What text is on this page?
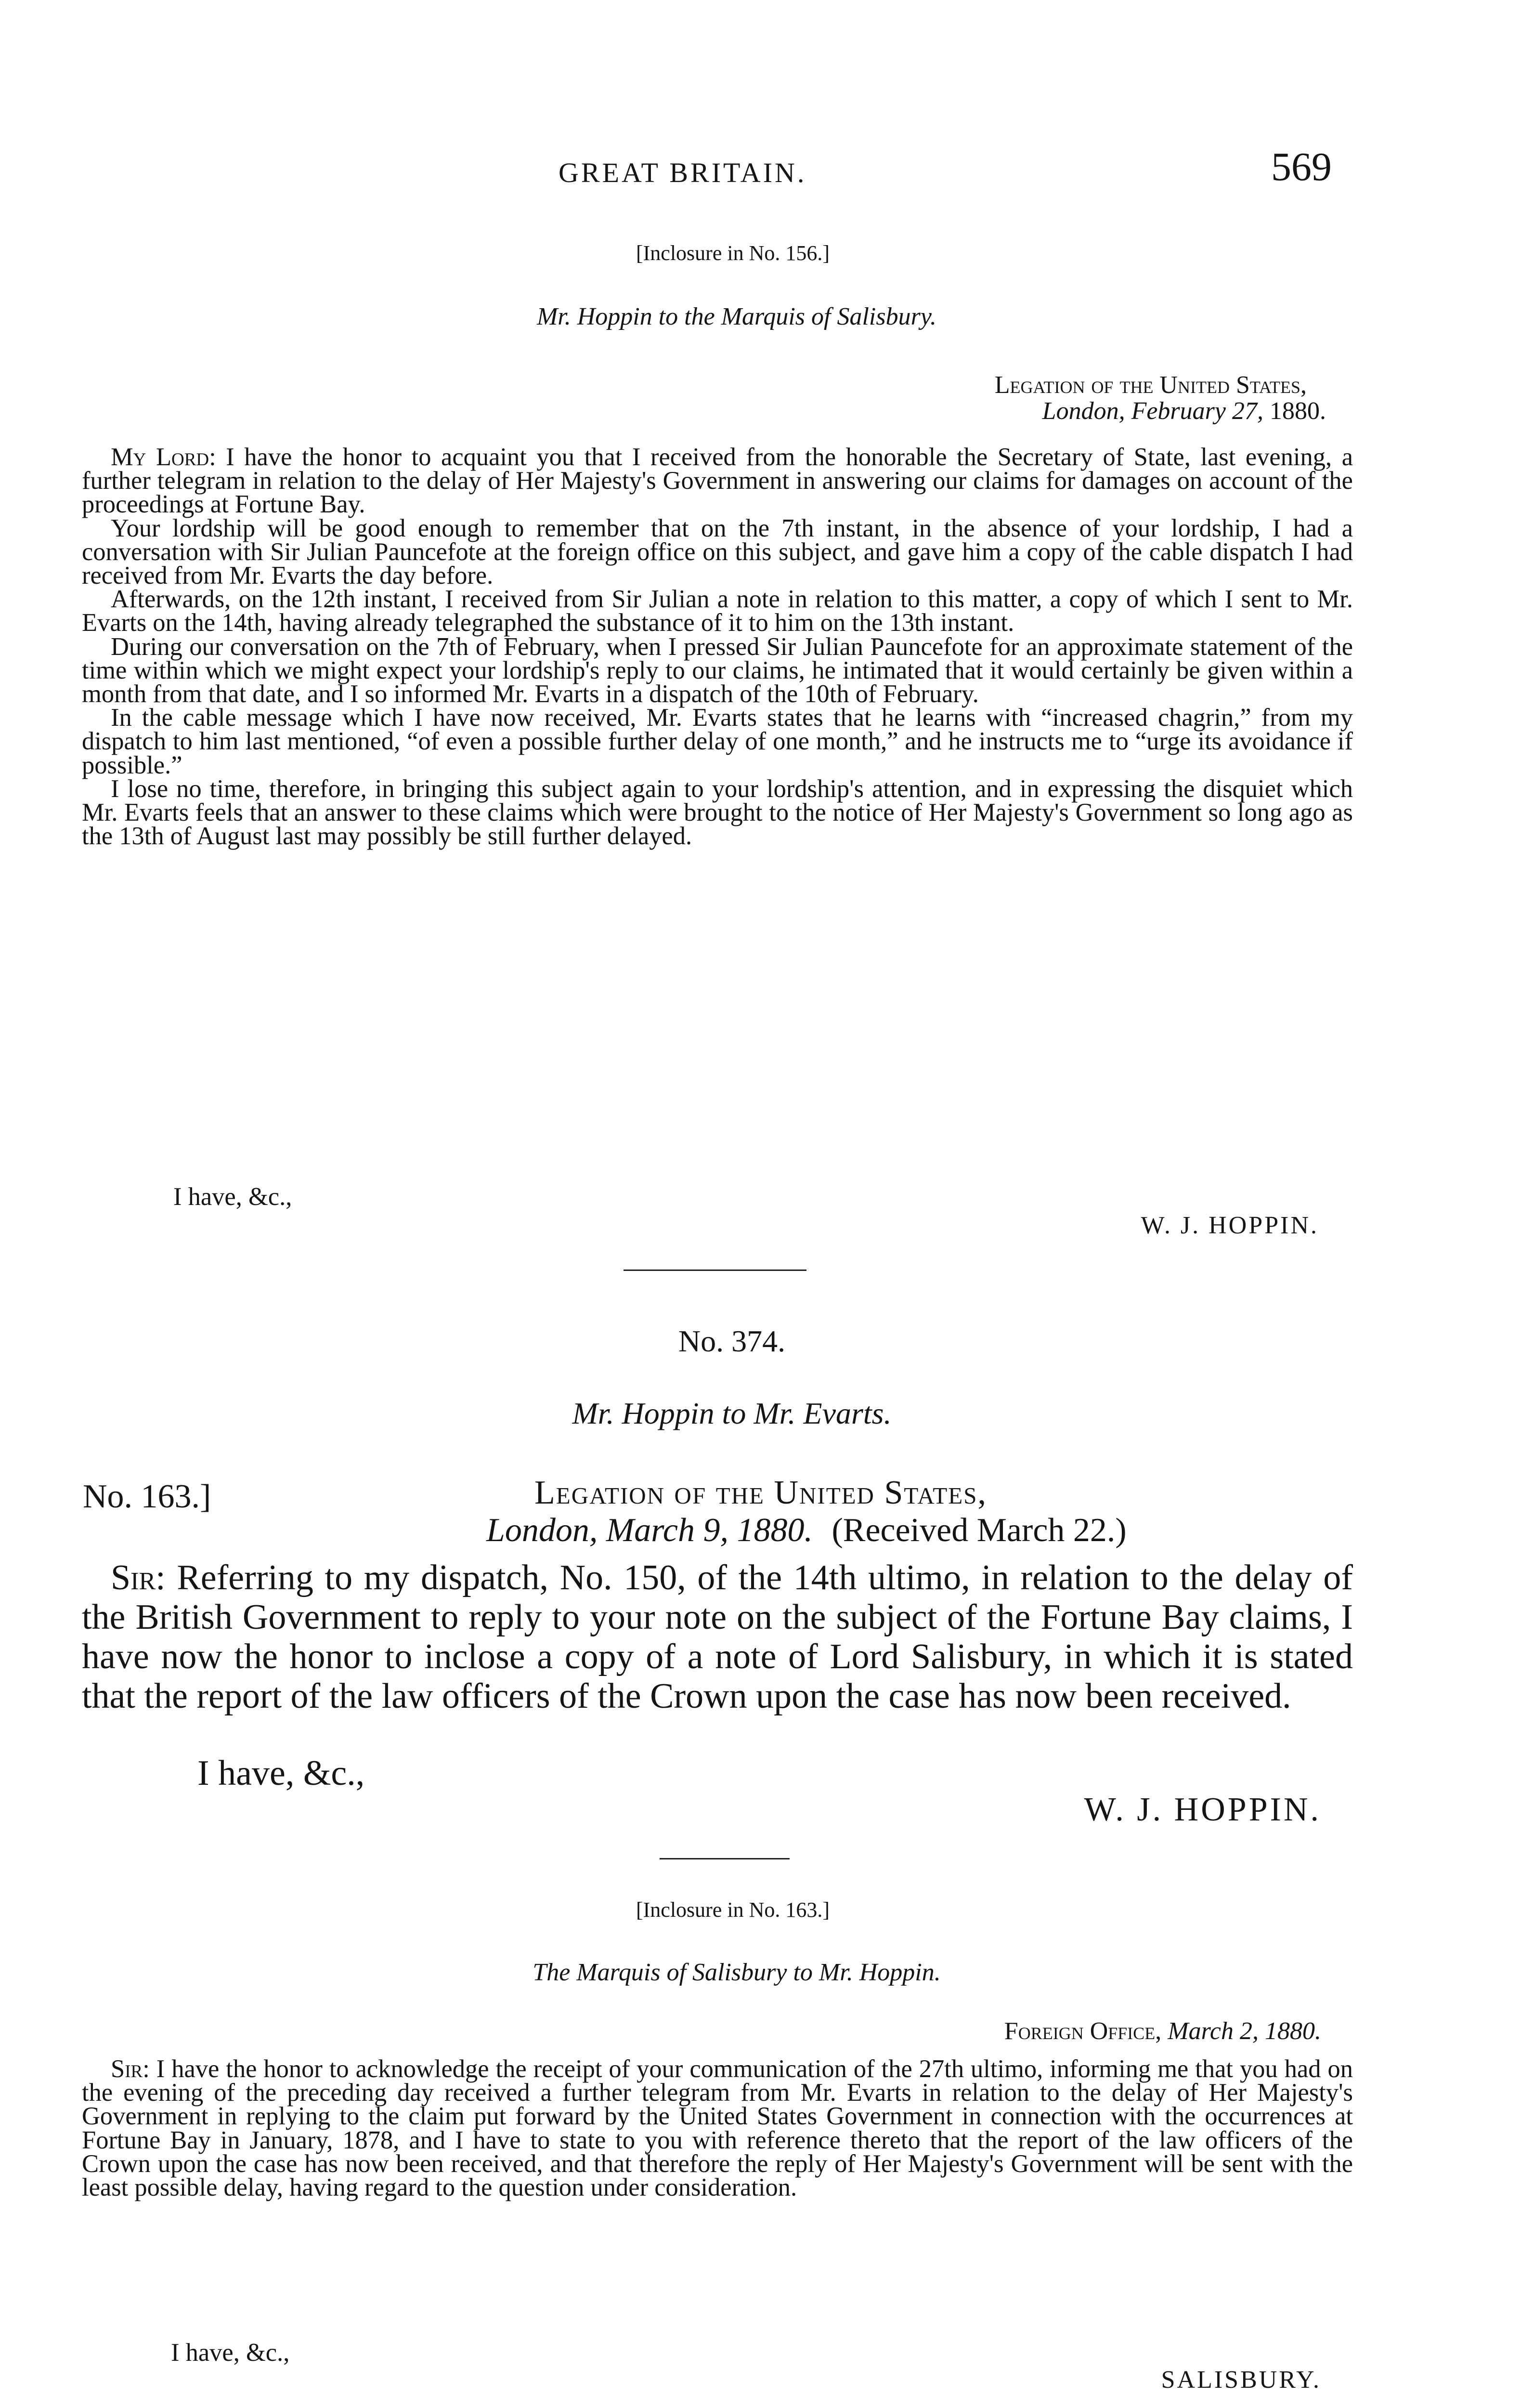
GREAT BRITAIN.	569
[Inclosure in No. 156.]
Mr. Hoppin to the Marquis of Salisbury.
Legation of the United States,
London, February 27, 1880.

My Lord: I have the honor to acquaint you that I received from the honorable the Secretary of State, last evening, a further telegram in relation to the delay of Her Majesty's Government in answering our claims for damages on account of the proceedings at Fortune Bay.

Your lordship will be good enough to remember that on the 7th instant, in the absence of your lordship, I had a conversation with Sir Julian Pauncefote at the foreign office on this subject, and gave him a copy of the cable dispatch I had received from Mr. Evarts the day before.

Afterwards, on the 12th instant, I received from Sir Julian a note in relation to this matter, a copy of which I sent to Mr. Evarts on the 14th, having already telegraphed the substance of it to him on the 13th instant.

During our conversation on the 7th of February, when I pressed Sir Julian Pauncefote for an approximate statement of the time within which we might expect your lordship's reply to our claims, he intimated that it would certainly be given within a month from that date, and I so informed Mr. Evarts in a dispatch of the 10th of February.

In the cable message which I have now received, Mr. Evarts states that he learns with “increased chagrin,” from my dispatch to him last mentioned, “of even a possible further delay of one month,” and he instructs me to “urge its avoidance if possible.”

I lose no time, therefore, in bringing this subject again to your lordship's attention, and in expressing the disquiet which Mr. Evarts feels that an answer to these claims which were brought to the notice of Her Majesty's Government so long ago as the 13th of August last may possibly be still further delayed.

I have, &c.,
W. J. HOPPIN.
No. 374.
Mr. Hoppin to Mr. Evarts.
No. 163.]	Legation of the United States,
London, March 9, 1880. (Received March 22.)

Sir: Referring to my dispatch, No. 150, of the 14th ultimo, in relation to the delay of the British Government to reply to your note on the subject of the Fortune Bay claims, I have now the honor to inclose a copy of a note of Lord Salisbury, in which it is stated that the report of the law officers of the Crown upon the case has now been received.

I have, &c.,
W. J. HOPPIN.
[Inclosure in No. 163.]
The Marquis of Salisbury to Mr. Hoppin.
Foreign Office, March 2, 1880.

Sir: I have the honor to acknowledge the receipt of your communication of the 27th ultimo, informing me that you had on the evening of the preceding day received a further telegram from Mr. Evarts in relation to the delay of Her Majesty's Government in replying to the claim put forward by the United States Government in connection with the occurrences at Fortune Bay in January, 1878, and I have to state to you with reference thereto that the report of the law officers of the Crown upon the case has now been received, and that therefore the reply of Her Majesty's Government will be sent with the least possible delay, having regard to the question under consideration.

I have, &c.,
SALISBURY.
